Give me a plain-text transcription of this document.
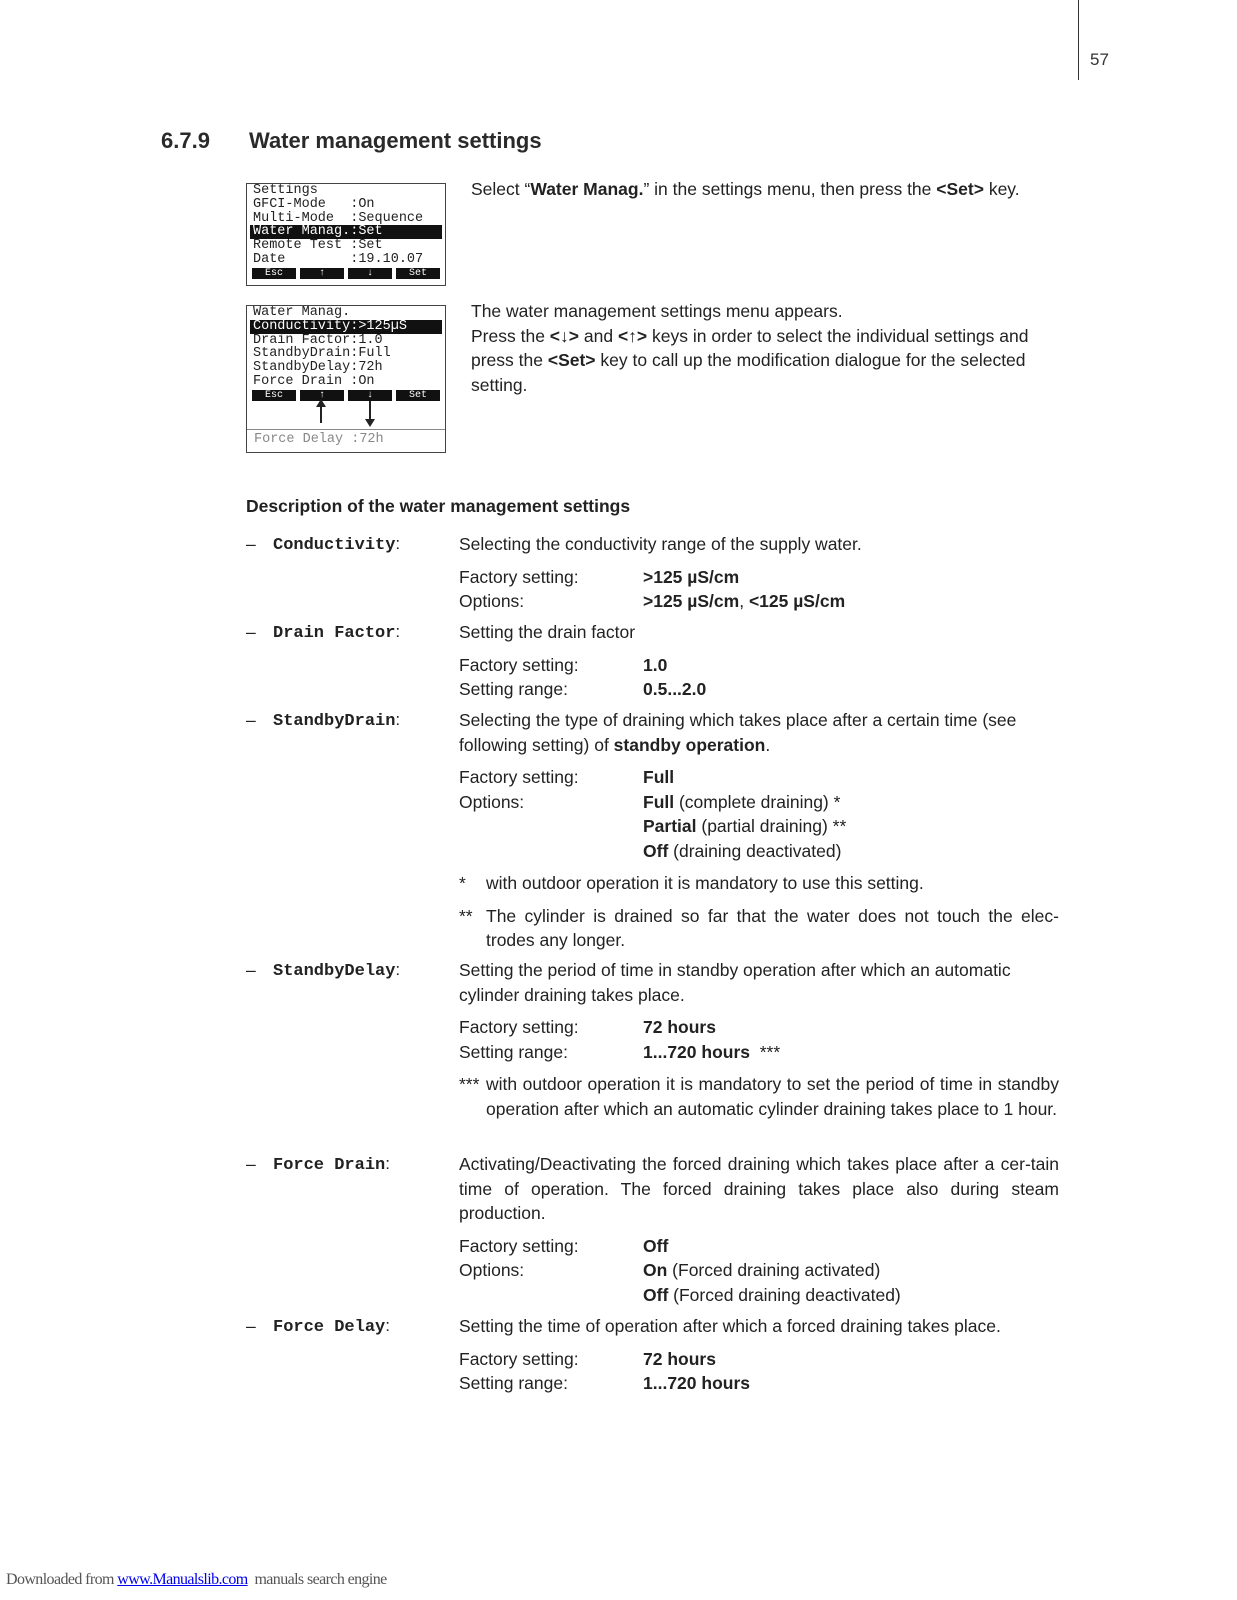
57
6.7.9 Water management settings
Settings
GFCI-Mode   :On
Multi-Mode  :Sequence
Water Manag.:Set
Remote Test :Set
Date        :19.10.07
Esc	↑	↓	Set
Water Manag.
Conductivity:>125µS
Drain Factor:1.0
StandbyDrain:Full
StandbyDelay:72h
Force Drain :On
Esc	↑	↓	Set
Force Delay :72h
Select “Water Manag.” in the settings menu, then press the <Set> key.
The water management settings menu appears.
Press the <↓> and <↑> keys in order to select the individual settings and press the <Set> key to call up the modification dialogue for the selected setting.
Description of the water management settings
– Conductivity:	Selecting the conductivity range of the supply water.
Factory setting:	>125 µS/cm
Options:	>125 µS/cm, <125 µS/cm
– Drain Factor:	Setting the drain factor
Factory setting:	1.0
Setting range:	0.5...2.0
– StandbyDrain:	Selecting the type of draining which takes place after a certain time (see following setting) of standby operation.
Factory setting:	Full
Options:	Full (complete draining) *
Partial (partial draining) **
Off (draining deactivated)
* with outdoor operation it is mandatory to use this setting.
** The cylinder is drained so far that the water does not touch the elec-trodes any longer.
– StandbyDelay:	Setting the period of time in standby operation after which an automatic cylinder draining takes place.
Factory setting:	72 hours
Setting range:	1...720 hours  ***
*** with outdoor operation it is mandatory to set the period of time in standby operation after which an automatic cylinder draining takes place to 1 hour.
– Force Drain:	Activating/Deactivating the forced draining which takes place after a cer-tain time of operation. The forced draining takes place also during steam production.
Factory setting:	Off
Options:	On (Forced draining activated)
Off (Forced draining deactivated)
– Force Delay:	Setting the time of operation after which a forced draining takes place.
Factory setting:	72 hours
Setting range:	1...720 hours
Downloaded from www.Manualslib.com  manuals search engine
